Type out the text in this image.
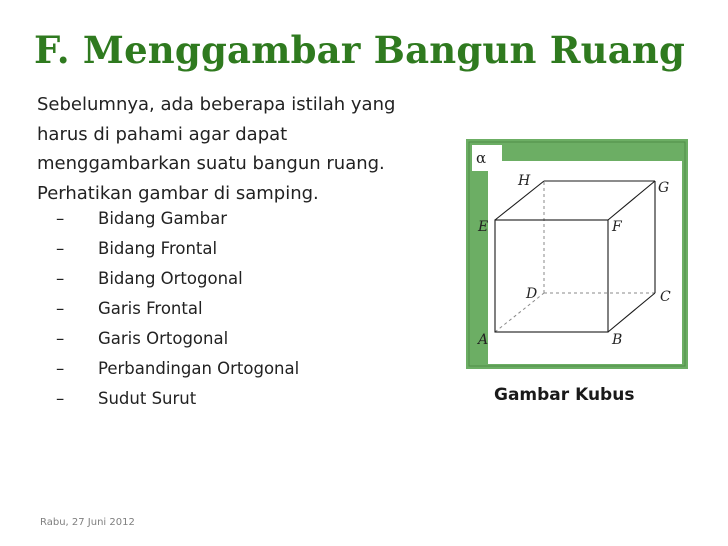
F. Menggambar Bangun Ruang
Sebelumnya, ada beberapa istilah yang
harus di pahami agar dapat
menggambarkan suatu bangun ruang.
Perhatikan gambar di samping.
–	Bidang Gambar
–	Bidang Frontal
–	Bidang Ortogonal
–	Garis Frontal
–	Garis Ortogonal
–	Perbandingan Ortogonal
–	Sudut Surut
α
H	G
E	F
D	C
A	B
Gambar Kubus
Rabu, 27 Juni 2012
